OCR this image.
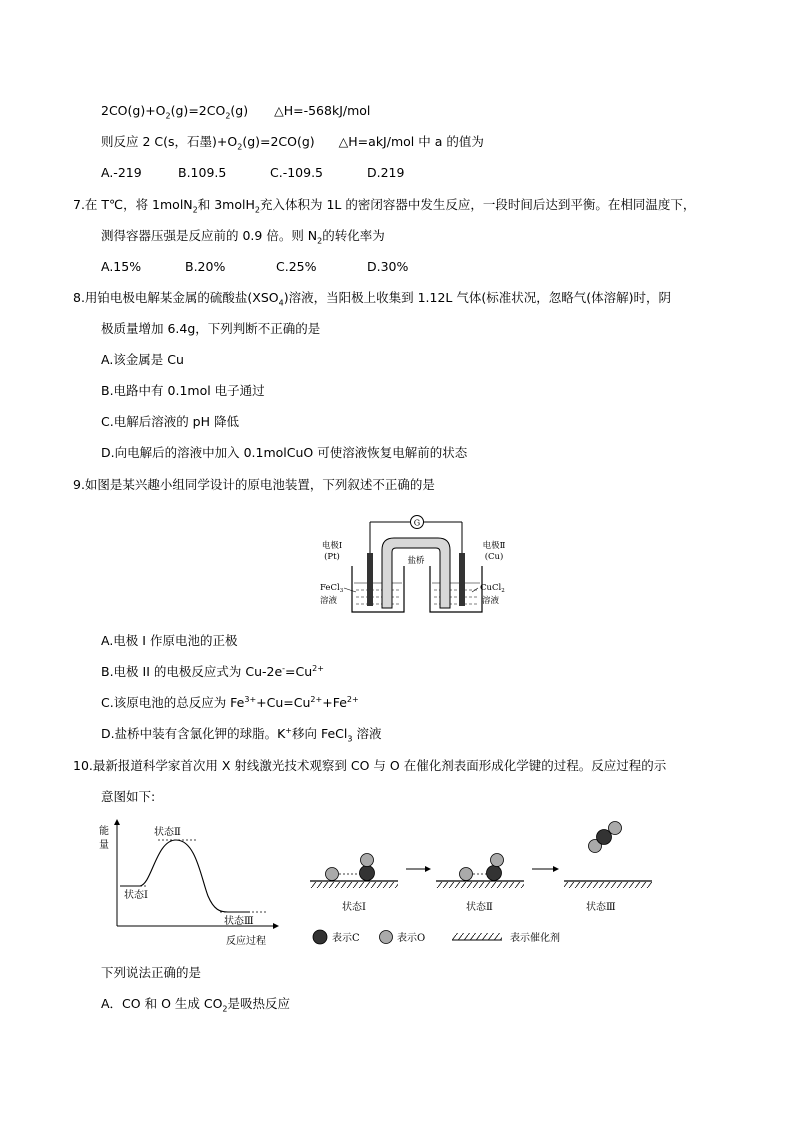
$2CO(g)+O_2(g)=2CO_2(g)$ △H=-568kJ/mol
则反应 2 C(s，石墨)$+O_2(g)=2CO(g)$ △H=akJ/mol 中 a 的值为
A.-219	B.109.5	C.-109.5	D.219
7.在 T℃，将 1molN$_2$和 3molH$_2$充入体积为 1L 的密闭容器中发生反应，一段时间后达到平衡。在相同温度下，
测得容器压强是反应前的 0.9 倍。则 $N_2$的转化率为
A.15%	B.20%	C.25%	D.30%
8.用铂电极电解某金属的硫酸盐$(XSO_4)$溶液，当阳极上收集到 1.12L 气体(标准状况，忽略气(体溶解)时，阴
极质量增加 6.4g，下列判断不正确的是
A.该金属是 Cu
B.电路中有 0.1mol 电子通过
C.电解后溶液的 pH 降低
D.向电解后的溶液中加入 0.1molCuO 可使溶液恢复电解前的状态
9.如图是某兴趣小组同学设计的原电池装置，下列叙述不正确的是
G
电极Ⅰ
(Pt)
电极Ⅱ
(Cu)
盐桥
FeCl$_3$
溶液
CuCl$_2$
溶液
A.电极 I 作原电池的正极
B.电极 II 的电极反应式为 $Cu-2e^-=Cu^{2+}$
C.该原电池的总反应为 $Fe^{3+}+Cu=Cu^{2+}+Fe^{2+}$
D.盐桥中装有含氯化钾的球脂。K+移向 FeCl$_3$ 溶液
10.最新报道科学家首次用 X 射线激光技术观察到 CO 与 O 在催化剂表面形成化学键的过程。反应过程的示
意图如下:
能
量
状态Ⅱ
状态Ⅰ
状态Ⅲ
反应过程
状态Ⅰ	状态Ⅱ	状态Ⅲ
表示C	表示O	表示催化剂
下列说法正确的是
A．CO 和 O 生成 $CO_2$是吸热反应
